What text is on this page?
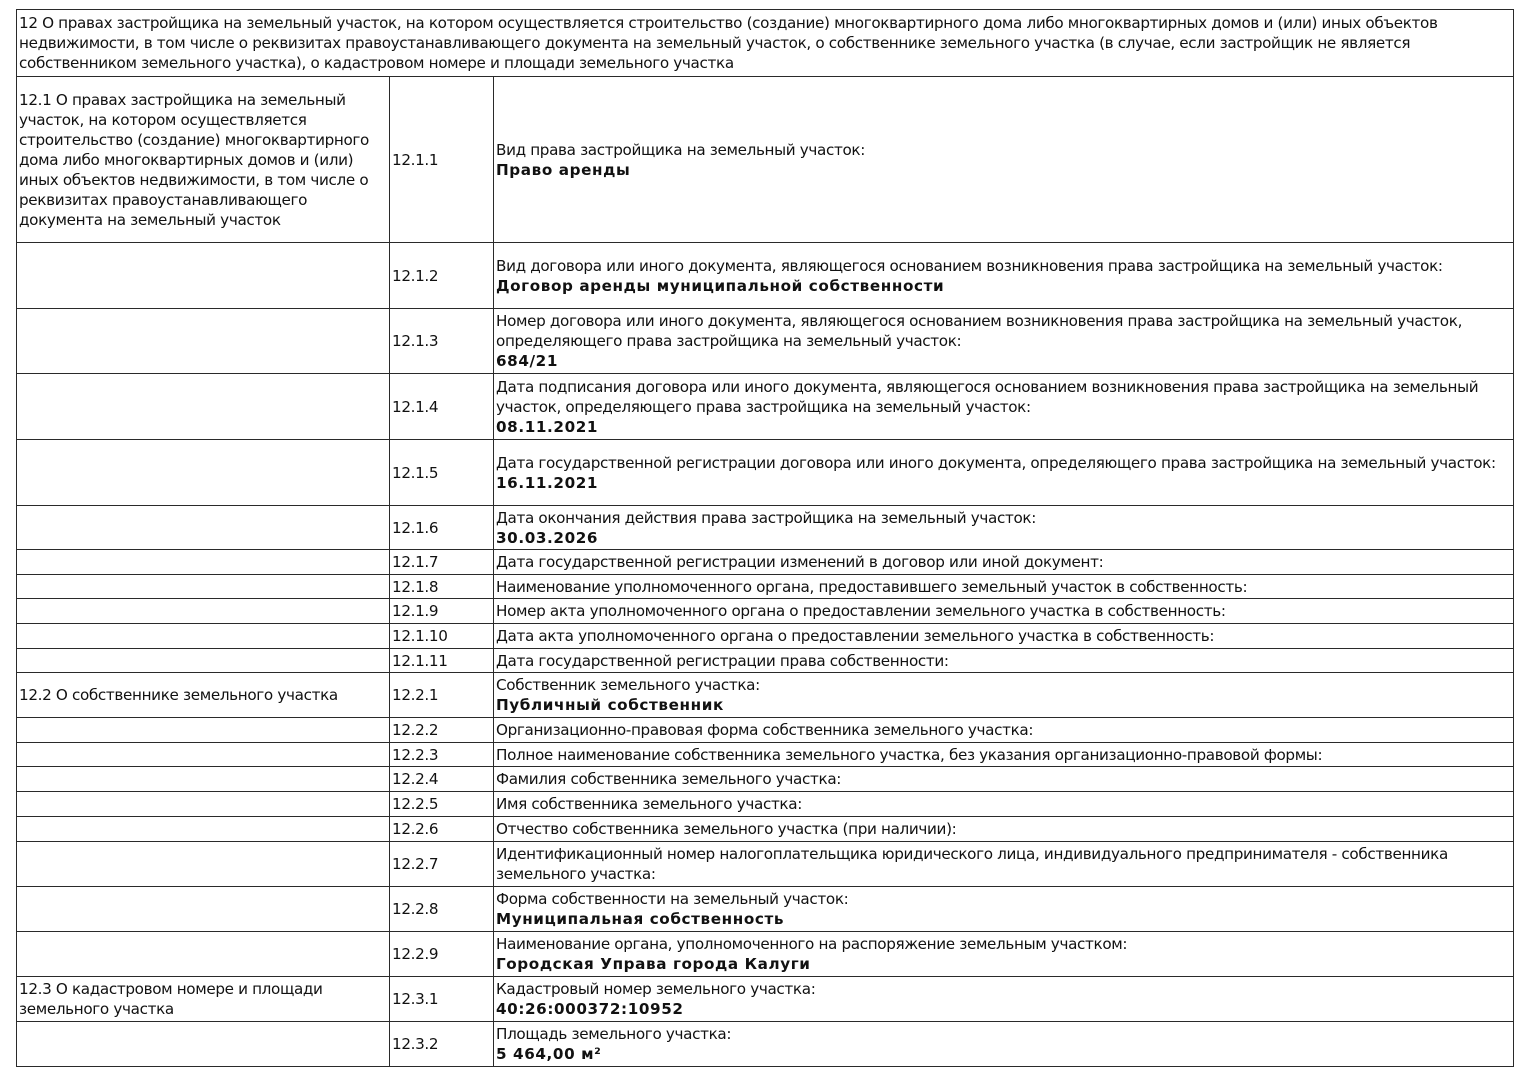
12 О правах застройщика на земельный участок, на котором осуществляется строительство (создание) многоквартирного дома либо многоквартирных домов и (или) иных объектов недвижимости, в том числе о реквизитах правоустанавливающего документа на земельный участок, о собственнике земельного участка (в случае, если застройщик не является собственником земельного участка), о кадастровом номере и площади земельного участка		
12.1 О правах застройщика на земельный участок, на котором осуществляется строительство (создание) многоквартирного дома либо многоквартирных домов и (или) иных объектов недвижимости, в том числе о реквизитах правоустанавливающего документа на земельный участок	12.1.1	Вид права застройщика на земельный участок:
Право аренды

	12.1.2	Вид договора или иного документа, являющегося основанием возникновения права застройщика на земельный участок:
Договор аренды муниципальной собственности

	12.1.3	Номер договора или иного документа, являющегося основанием возникновения права застройщика на земельный участок, определяющего права застройщика на земельный участок:
684/21

	12.1.4	Дата подписания договора или иного документа, являющегося основанием возникновения права застройщика на земельный участок, определяющего права застройщика на земельный участок:
08.11.2021

	12.1.5	Дата государственной регистрации договора или иного документа, определяющего права застройщика на земельный участок:
16.11.2021

	12.1.6	Дата окончания действия права застройщика на земельный участок:
30.03.2026

	12.1.7	Дата государственной регистрации изменений в договор или иной документ:

	12.1.8	Наименование уполномоченного органа, предоставившего земельный участок в собственность:

	12.1.9	Номер акта уполномоченного органа о предоставлении земельного участка в собственность:

	12.1.10	Дата акта уполномоченного органа о предоставлении земельного участка в собственность:

	12.1.11	Дата государственной регистрации права собственности:

12.2 О собственнике земельного участка	12.2.1	Собственник земельного участка:
Публичный собственник

	12.2.2	Организационно-правовая форма собственника земельного участка:

	12.2.3	Полное наименование собственника земельного участка, без указания организационно-правовой формы:

	12.2.4	Фамилия собственника земельного участка:

	12.2.5	Имя собственника земельного участка:

	12.2.6	Отчество собственника земельного участка (при наличии):

	12.2.7	Идентификационный номер налогоплательщика юридического лица, индивидуального предпринимателя - собственника земельного участка:

	12.2.8	Форма собственности на земельный участок:
Муниципальная собственность

	12.2.9	Наименование органа, уполномоченного на распоряжение земельным участком:
Городская Управа города Калуги

12.3 О кадастровом номере и площади земельного участка	12.3.1	Кадастровый номер земельного участка:
40:26:000372:10952

	12.3.2	Площадь земельного участка:
5 464,00 м²
